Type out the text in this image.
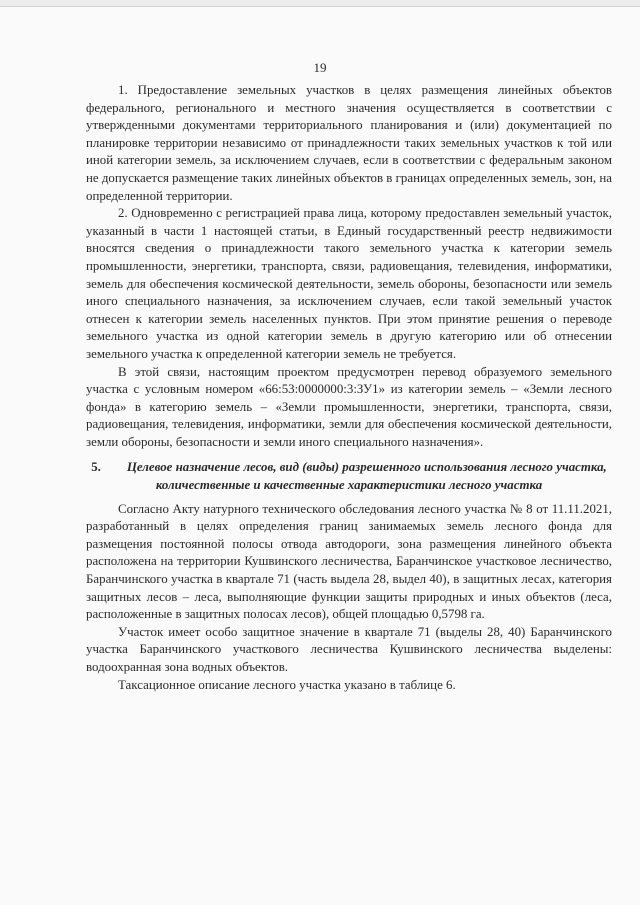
19

1. Предоставление земельных участков в целях размещения линейных объектов федерального, регионального и местного значения осуществляется в соответствии с утвержденными документами территориального планирования и (или) документацией по планировке территории независимо от принадлежности таких земельных участков к той или иной категории земель, за исключением случаев, если в соответствии с федеральным законом не допускается размещение таких линейных объектов в границах определенных земель, зон, на определенной территории.

2. Одновременно с регистрацией права лица, которому предоставлен земельный участок, указанный в части 1 настоящей статьи, в Единый государственный реестр недвижимости вносятся сведения о принадлежности такого земельного участка к категории земель промышленности, энергетики, транспорта, связи, радиовещания, телевидения, информатики, земель для обеспечения космической деятельности, земель обороны, безопасности или земель иного специального назначения, за исключением случаев, если такой земельный участок отнесен к категории земель населенных пунктов. При этом принятие решения о переводе земельного участка из одной категории земель в другую категорию или об отнесении земельного участка к определенной категории земель не требуется.

В этой связи, настоящим проектом предусмотрен перевод образуемого земельного участка с условным номером «66:53:0000000:3:ЗУ1» из категории земель – «Земли лесного фонда» в категорию земель – «Земли промышленности, энергетики, транспорта, связи, радиовещания, телевидения, информатики, земли для обеспечения космической деятельности, земли обороны, безопасности и земли иного специального назначения».

5. Целевое назначение лесов, вид (виды) разрешенного использования лесного участка, количественные и качественные характеристики лесного участка

Согласно Акту натурного технического обследования лесного участка № 8 от 11.11.2021, разработанный в целях определения границ занимаемых земель лесного фонда для размещения постоянной полосы отвода автодороги, зона размещения линейного объекта расположена на территории Кушвинского лесничества, Баранчинское участковое лесничество, Баранчинского участка в квартале 71 (часть выдела 28, выдел 40), в защитных лесах, категория защитных лесов – леса, выполняющие функции защиты природных и иных объектов (леса, расположенные в защитных полосах лесов), общей площадью 0,5798 га.

Участок имеет особо защитное значение в квартале 71 (выделы 28, 40) Баранчинского участка Баранчинского участкового лесничества Кушвинского лесничества выделены: водоохранная зона водных объектов.

Таксационное описание лесного участка указано в таблице 6.
